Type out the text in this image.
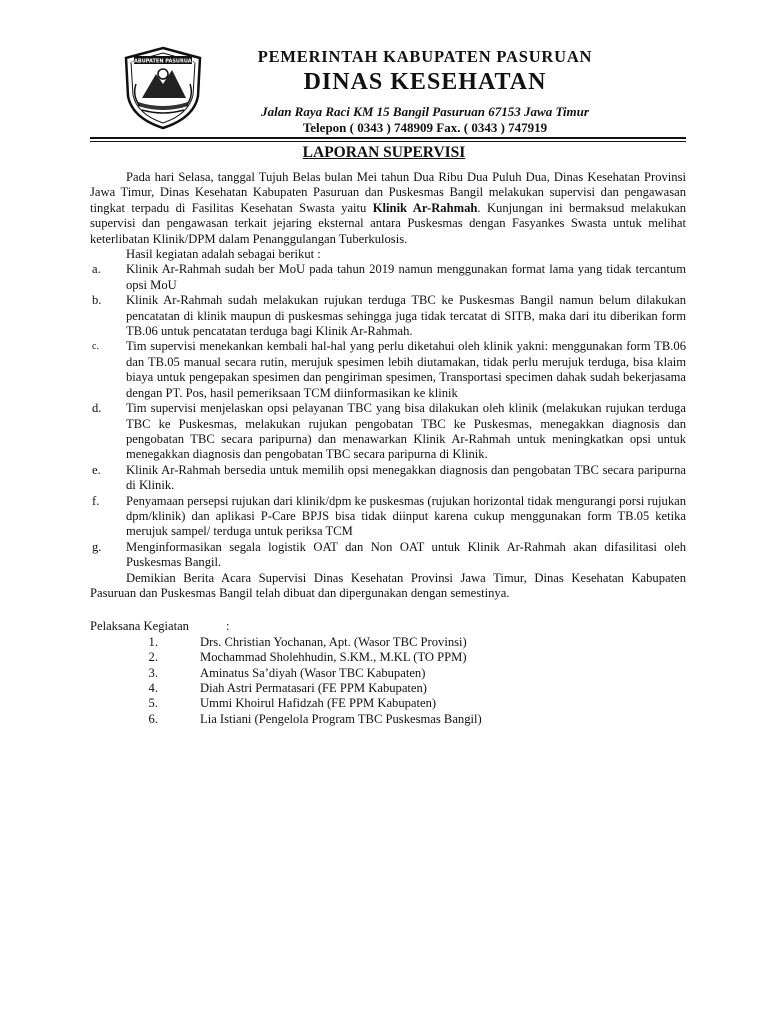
KABUPATEN PASURUAN	PEMERINTAH KABUPATEN PASURUAN
DINAS KESEHATAN
Jalan Raya Raci KM 15 Bangil Pasuruan 67153 Jawa Timur
Telepon ( 0343 ) 748909 Fax. ( 0343 ) 747919
LAPORAN SUPERVISI

Pada hari Selasa, tanggal Tujuh Belas bulan Mei tahun Dua Ribu Dua Puluh Dua, Dinas Kesehatan Provinsi Jawa Timur, Dinas Kesehatan Kabupaten Pasuruan dan Puskesmas Bangil melakukan supervisi dan pengawasan tingkat terpadu di Fasilitas Kesehatan Swasta yaitu Klinik Ar-Rahmah. Kunjungan ini bermaksud melakukan supervisi dan pengawasan terkait jejaring eksternal antara Puskesmas dengan Fasyankes Swasta untuk melihat keterlibatan Klinik/DPM dalam Penanggulangan Tuberkulosis.

Hasil kegiatan adalah sebagai berikut :

a.	Klinik Ar-Rahmah sudah ber MoU pada tahun 2019 namun menggunakan format lama yang tidak tercantum opsi MoU
b.	Klinik Ar-Rahmah sudah melakukan rujukan terduga TBC ke Puskesmas Bangil namun belum dilakukan pencatatan di klinik maupun di puskesmas sehingga juga tidak tercatat di SITB, maka dari itu diberikan form TB.06 untuk pencatatan terduga bagi Klinik Ar-Rahmah.
c.	Tim supervisi menekankan kembali hal-hal yang perlu diketahui oleh klinik yakni: menggunakan form TB.06 dan TB.05 manual secara rutin, merujuk spesimen lebih diutamakan, tidak perlu merujuk terduga, bisa klaim biaya untuk pengepakan spesimen dan pengiriman spesimen, Transportasi specimen dahak sudah bekerjasama dengan PT. Pos, hasil pemeriksaan TCM diinformasikan ke klinik
d.	Tim supervisi menjelaskan opsi pelayanan TBC yang bisa dilakukan oleh klinik (melakukan rujukan terduga TBC ke Puskesmas, melakukan rujukan pengobatan TBC ke Puskesmas, menegakkan diagnosis dan pengobatan TBC secara paripurna) dan menawarkan Klinik Ar-Rahmah untuk meningkatkan opsi untuk menegakkan diagnosis dan pengobatan TBC secara paripurna di Klinik.
e.	Klinik Ar-Rahmah bersedia untuk memilih opsi menegakkan diagnosis dan pengobatan TBC secara paripurna di Klinik.
f.	Penyamaan persepsi rujukan dari klinik/dpm ke puskesmas (rujukan horizontal tidak mengurangi porsi rujukan dpm/klinik) dan aplikasi P-Care BPJS bisa tidak diinput karena cukup menggunakan form TB.05 ketika merujuk sampel/ terduga untuk periksa TCM
g.	Menginformasikan segala logistik OAT dan Non OAT untuk Klinik Ar-Rahmah akan difasilitasi oleh Puskesmas Bangil.

Demikian Berita Acara Supervisi Dinas Kesehatan Provinsi Jawa Timur, Dinas Kesehatan Kabupaten Pasuruan dan Puskesmas Bangil telah dibuat dan dipergunakan dengan semestinya.

Pelaksana Kegiatan	:
1.	Drs. Christian Yochanan, Apt. (Wasor TBC Provinsi)
2.	Mochammad Sholehhudin, S.KM., M.KL (TO PPM)
3.	Aminatus Sa’diyah (Wasor TBC Kabupaten)
4.	Diah Astri Permatasari (FE PPM Kabupaten)
5.	Ummi Khoirul Hafidzah (FE PPM Kabupaten)
6.	Lia Istiani (Pengelola Program TBC Puskesmas Bangil)
